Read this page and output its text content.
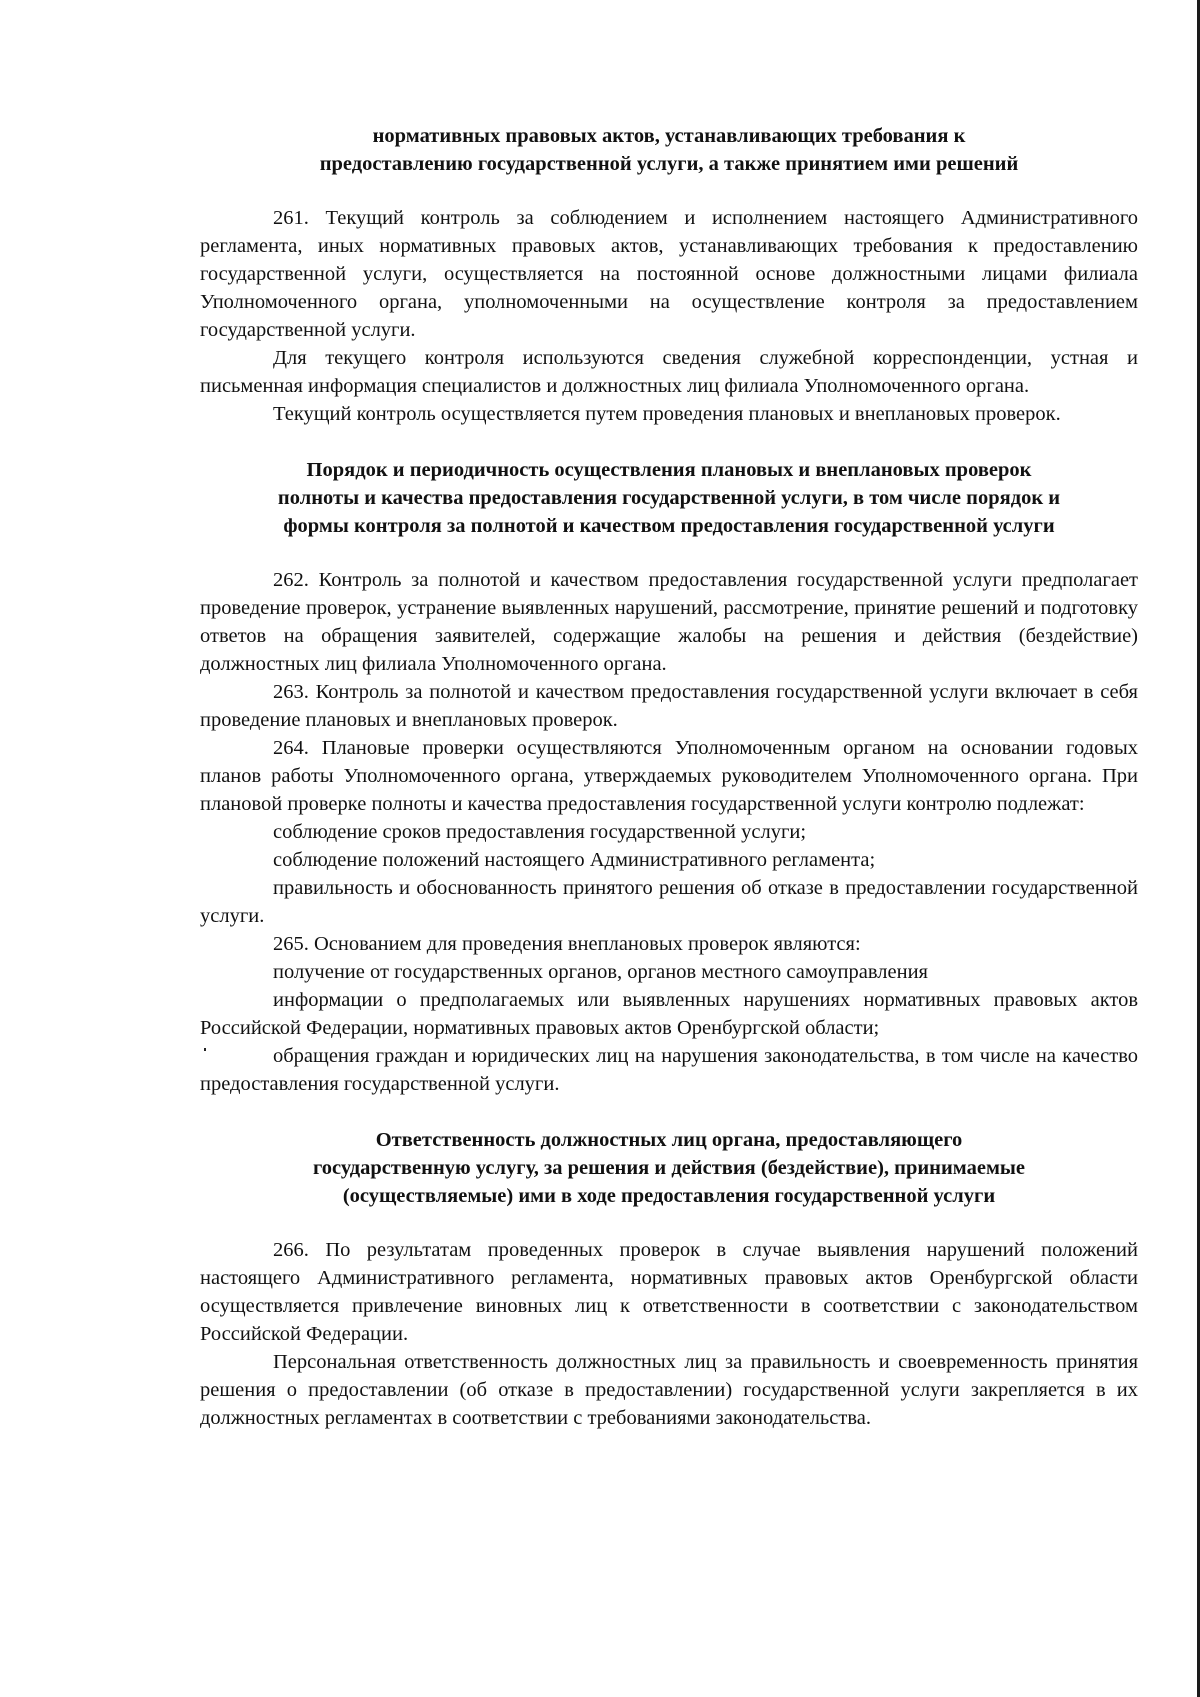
нормативных правовых актов, устанавливающих требования к
предоставлению государственной услуги, а также принятием ими решений

261. Текущий контроль за соблюдением и исполнением настоящего Административного регламента, иных нормативных правовых актов, устанавливающих требования к предоставлению государственной услуги, осуществляется на постоянной основе должностными лицами филиала Уполномоченного органа, уполномоченными на осуществление контроля за предоставлением государственной услуги.

Для текущего контроля используются сведения служебной корреспонденции, устная и письменная информация специалистов и должностных лиц филиала Уполномоченного органа.

Текущий контроль осуществляется путем проведения плановых и внеплановых проверок.

Порядок и периодичность осуществления плановых и внеплановых проверок
полноты и качества предоставления государственной услуги, в том числе порядок и
формы контроля за полнотой и качеством предоставления государственной услуги

262. Контроль за полнотой и качеством предоставления государственной услуги предполагает проведение проверок, устранение выявленных нарушений, рассмотрение, принятие решений и подготовку ответов на обращения заявителей, содержащие жалобы на решения и действия (бездействие) должностных лиц филиала Уполномоченного органа.

263. Контроль за полнотой и качеством предоставления государственной услуги включает в себя проведение плановых и внеплановых проверок.

264. Плановые проверки осуществляются Уполномоченным органом на основании годовых планов работы Уполномоченного органа, утверждаемых руководителем Уполномоченного органа. При плановой проверке полноты и качества предоставления государственной услуги контролю подлежат:

соблюдение сроков предоставления государственной услуги;

соблюдение положений настоящего Административного регламента;

правильность и обоснованность принятого решения об отказе в предоставлении государственной услуги.

265. Основанием для проведения внеплановых проверок являются:

получение от государственных органов, органов местного самоуправления

информации о предполагаемых или выявленных нарушениях нормативных правовых актов Российской Федерации, нормативных правовых актов Оренбургской области;

обращения граждан и юридических лиц на нарушения законодательства, в том числе на качество предоставления государственной услуги.

Ответственность должностных лиц органа, предоставляющего
государственную услугу, за решения и действия (бездействие), принимаемые
(осуществляемые) ими в ходе предоставления государственной услуги

266. По результатам проведенных проверок в случае выявления нарушений положений настоящего Административного регламента, нормативных правовых актов Оренбургской области осуществляется привлечение виновных лиц к ответственности в соответствии с законодательством Российской Федерации.

Персональная ответственность должностных лиц за правильность и своевременность принятия решения о предоставлении (об отказе в предоставлении) государственной услуги закрепляется в их должностных регламентах в соответствии с требованиями законодательства.
